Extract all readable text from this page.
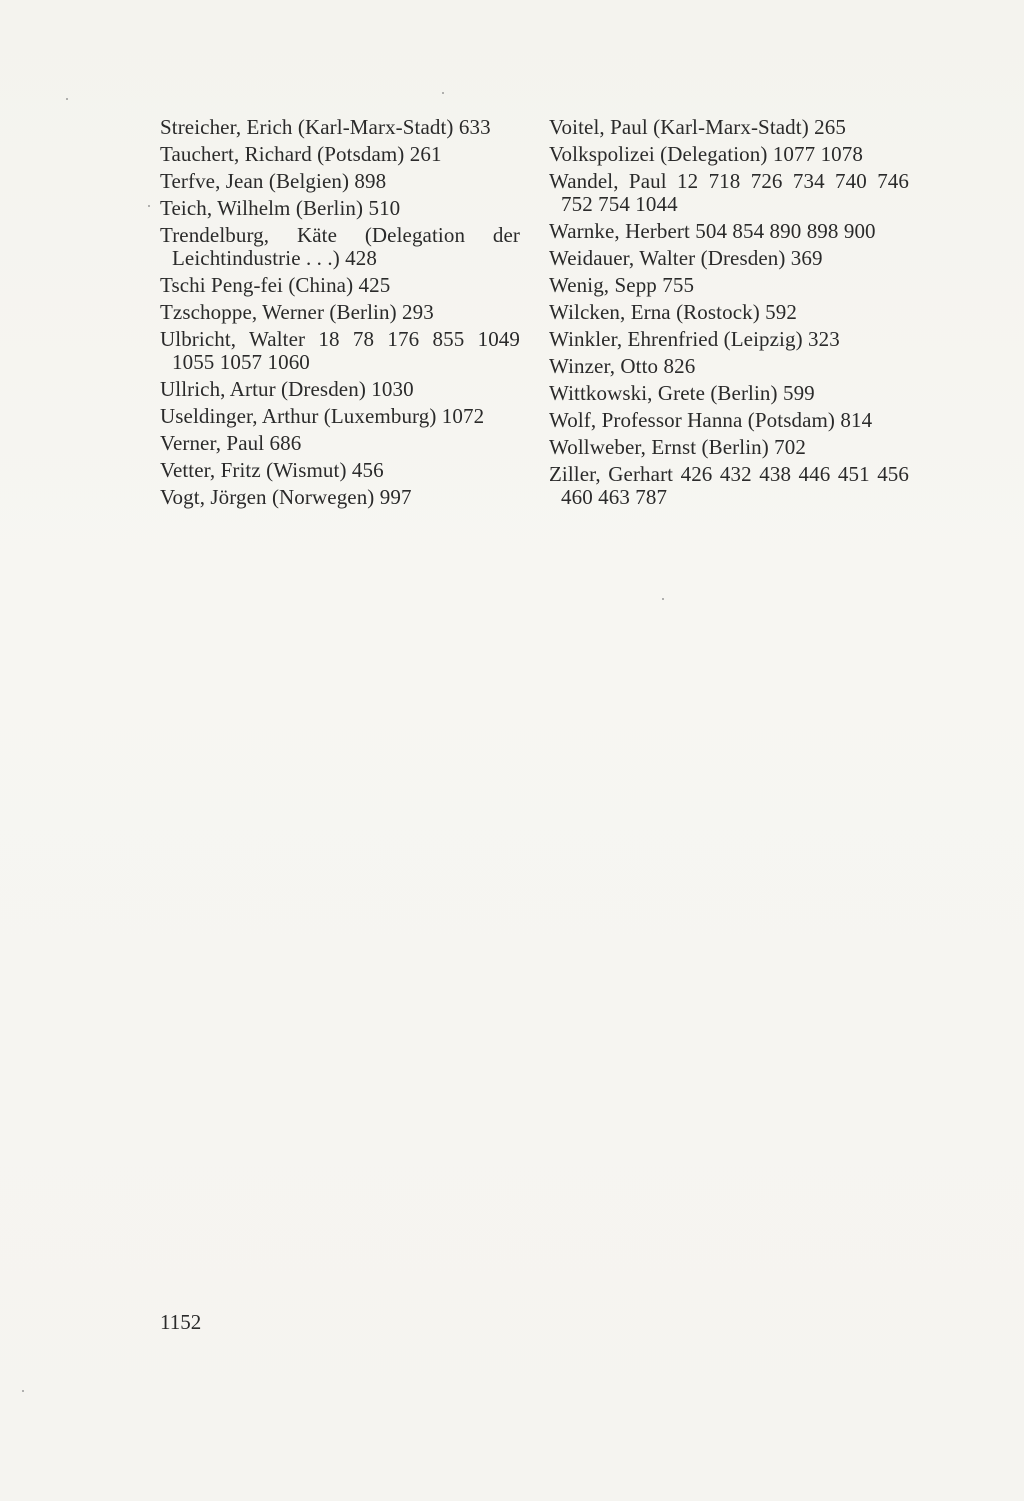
Streicher, Erich (Karl-Marx-Stadt) 633
Tauchert, Richard (Potsdam) 261
Terfve, Jean (Belgien) 898
Teich, Wilhelm (Berlin) 510
Trendelburg, Käte (Delegation der Leichtindustrie . . .) 428
Tschi Peng-fei (China) 425
Tzschoppe, Werner (Berlin) 293
Ulbricht, Walter 18 78 176 855 1049 1055 1057 1060
Ullrich, Artur (Dresden) 1030
Useldinger, Arthur (Luxemburg) 1072
Verner, Paul 686
Vetter, Fritz (Wismut) 456
Vogt, Jörgen (Norwegen) 997
Voitel, Paul (Karl-Marx-Stadt) 265
Volkspolizei (Delegation) 1077 1078
Wandel, Paul 12 718 726 734 740 746 752 754 1044
Warnke, Herbert 504 854 890 898 900
Weidauer, Walter (Dresden) 369
Wenig, Sepp 755
Wilcken, Erna (Rostock) 592
Winkler, Ehrenfried (Leipzig) 323
Winzer, Otto 826
Wittkowski, Grete (Berlin) 599
Wolf, Professor Hanna (Potsdam) 814
Wollweber, Ernst (Berlin) 702
Ziller, Gerhart 426 432 438 446 451 456 460 463 787
1152
